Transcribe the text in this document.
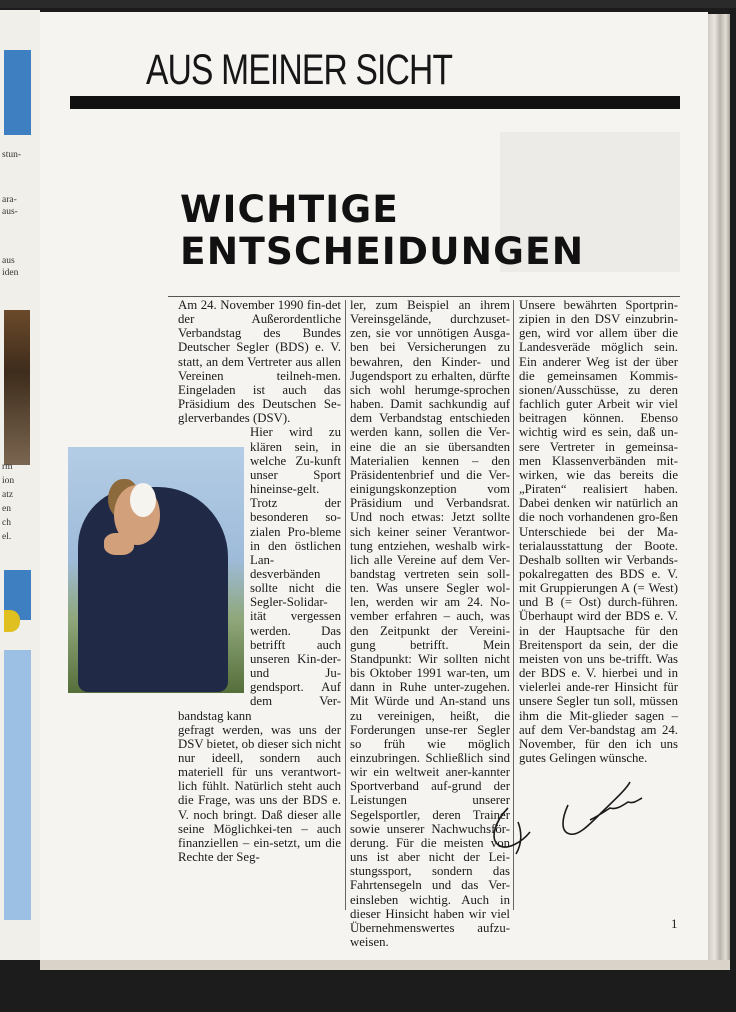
stun-
ara-
aus-
aus
iden
rm
ion
atz
en
ch
el.
AUS MEINER SICHT
WICHTIGE
ENTSCHEIDUNGEN

Am 24. November 1990 fin-det der Außerordentliche Verbandstag des Bundes Deutscher Segler (BDS) e. V. statt, an dem Vertreter aus allen Vereinen teilneh-men. Eingeladen ist auch das Präsidium des Deutschen Se-glerverbandes (DSV).

Hier wird zu klären sein, in welche Zu-kunft unser Sport hineinse-gelt. Trotz der besonderen so-zialen Pro-bleme in den östlichen Lan-desverbänden sollte nicht die Segler-Solidar-ität vergessen werden. Das betrifft auch unseren Kin-der- und Ju-gendsport. Auf dem Ver-bandstag kann

gefragt werden, was uns der DSV bietet, ob dieser sich nicht nur ideell, sondern auch materiell für uns verantwort-lich fühlt. Natürlich steht auch die Frage, was uns der BDS e. V. noch bringt. Daß dieser alle seine Möglichkei-ten – auch finanziellen – ein-setzt, um die Rechte der Seg-

ler, zum Beispiel an ihrem Vereinsgelände, durchzuset-zen, sie vor unnötigen Ausga-ben bei Versicherungen zu bewahren, den Kinder- und Jugendsport zu erhalten, dürfte sich wohl herumge-sprochen haben. Damit sachkundig auf dem Verbandstag entschieden werden kann, sollen die Ver-eine die an sie übersandten Materialien kennen – den Präsidentenbrief und die Ver-einigungskonzeption vom Präsidium und Verbandsrat. Und noch etwas: Jetzt sollte sich keiner seiner Verantwor-tung entziehen, weshalb wirk-lich alle Vereine auf dem Ver-bandstag vertreten sein soll-ten. Was unsere Segler wol-len, werden wir am 24. No-vember erfahren – auch, was den Zeitpunkt der Vereini-gung betrifft. Mein Standpunkt: Wir sollten nicht bis Oktober 1991 war-ten, um dann in Ruhe unter-zugehen. Mit Würde und An-stand uns zu vereinigen, heißt, die Forderungen unse-rer Segler so früh wie möglich einzubringen. Schließlich sind wir ein weltweit aner-kannter Sportverband auf-grund der Leistungen unserer Segelsportler, deren Trainer sowie unserer Nachwuchsför-derung. Für die meisten von uns ist aber nicht der Lei-stungssport, sondern das Fahrtensegeln und das Ver-einsleben wichtig. Auch in dieser Hinsicht haben wir viel Übernehmenswertes aufzu-weisen.

Unsere bewährten Sportprin-zipien in den DSV einzubrin-gen, wird vor allem über die Landesveräde möglich sein. Ein anderer Weg ist der über die gemeinsamen Kommis-sionen/Ausschüsse, zu deren fachlich guter Arbeit wir viel beitragen können. Ebenso wichtig wird es sein, daß un-sere Vertreter in gemeinsa-men Klassenverbänden mit-wirken, wie das bereits die „Piraten“ realisiert haben. Dabei denken wir natürlich an die noch vorhandenen gro-ßen Unterschiede bei der Ma-terialausstattung der Boote. Deshalb sollten wir Verbands-pokalregatten des BDS e. V. mit Gruppierungen A (= West) und B (= Ost) durch-führen. Überhaupt wird der BDS e. V. in der Hauptsache für den Breitensport da sein, der die meisten von uns be-trifft. Was der BDS e. V. hierbei und in vielerlei ande-rer Hinsicht für unsere Segler tun soll, müssen ihm die Mit-glieder sagen – auf dem Ver-bandstag am 24. November, für den ich uns gutes Gelingen wünsche.

1
